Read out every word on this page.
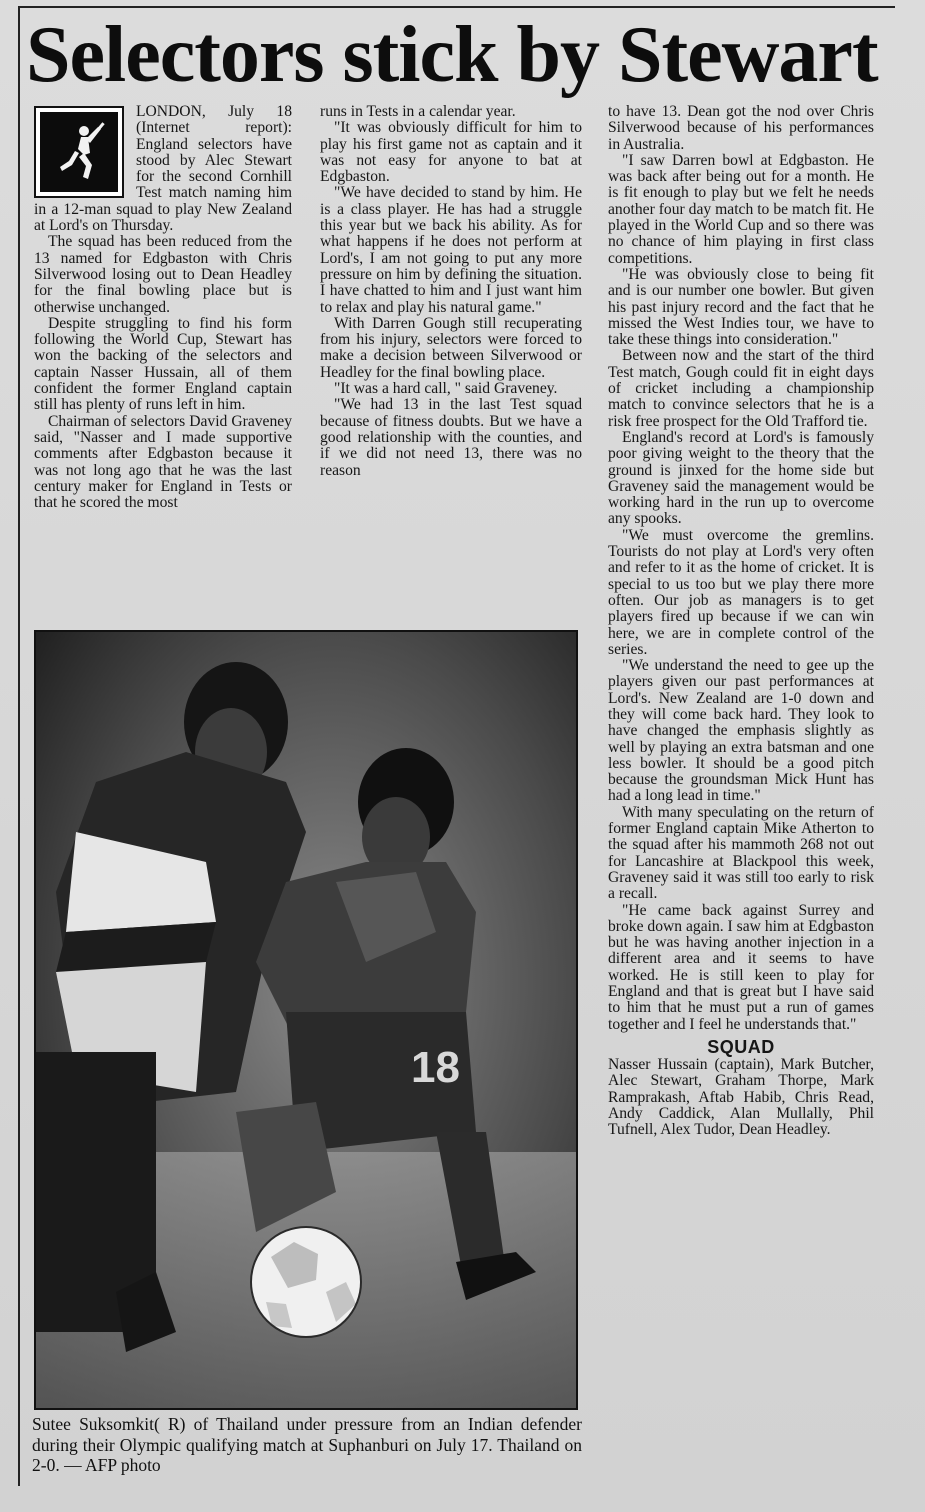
Selectors stick by Stewart

LONDON, July 18 (Internet report): England selectors have stood by Alec Stewart for the second Cornhill Test match naming him in a 12-man squad to play New Zealand at Lord's on Thursday.

The squad has been reduced from the 13 named for Edgbaston with Chris Silverwood losing out to Dean Headley for the final bowling place but is otherwise unchanged.

Despite struggling to find his form following the World Cup, Stewart has won the backing of the selectors and captain Nasser Hussain, all of them confident the former England captain still has plenty of runs left in him.

Chairman of selectors David Graveney said, "Nasser and I made supportive comments after Edgbaston because it was not long ago that he was the last century maker for England in Tests or that he scored the most

runs in Tests in a calendar year.

"It was obviously difficult for him to play his first game not as captain and it was not easy for anyone to bat at Edgbaston.

"We have decided to stand by him. He is a class player. He has had a struggle this year but we back his ability. As for what happens if he does not perform at Lord's, I am not going to put any more pressure on him by defining the situation. I have chatted to him and I just want him to relax and play his natural game."

With Darren Gough still recuperating from his injury, selectors were forced to make a decision between Silverwood or Headley for the final bowling place.

"It was a hard call, " said Graveney.

"We had 13 in the last Test squad because of fitness doubts. But we have a good relationship with the counties, and if we did not need 13, there was no reason

to have 13. Dean got the nod over Chris Silverwood because of his performances in Australia.

"I saw Darren bowl at Edgbaston. He was back after being out for a month. He is fit enough to play but we felt he needs another four day match to be match fit. He played in the World Cup and so there was no chance of him playing in first class competitions.

"He was obviously close to being fit and is our number one bowler. But given his past injury record and the fact that he missed the West Indies tour, we have to take these things into consideration."

Between now and the start of the third Test match, Gough could fit in eight days of cricket including a championship match to convince selectors that he is a risk free prospect for the Old Trafford tie.

England's record at Lord's is famously poor giving weight to the theory that the ground is jinxed for the home side but Graveney said the management would be working hard in the run up to overcome any spooks.

"We must overcome the gremlins. Tourists do not play at Lord's very often and refer to it as the home of cricket. It is special to us too but we play there more often. Our job as managers is to get players fired up because if we can win here, we are in complete control of the series.

"We understand the need to gee up the players given our past performances at Lord's. New Zealand are 1-0 down and they will come back hard. They look to have changed the emphasis slightly as well by playing an extra batsman and one less bowler. It should be a good pitch because the groundsman Mick Hunt has had a long lead in time."

With many speculating on the return of former England captain Mike Atherton to the squad after his mammoth 268 not out for Lancashire at Blackpool this week, Graveney said it was still too early to risk a recall.

"He came back against Surrey and broke down again. I saw him at Edgbaston but he was having another injection in a different area and it seems to have worked. He is still keen to play for England and that is great but I have said to him that he must put a run of games together and I feel he understands that."

SQUAD

Nasser Hussain (captain), Mark Butcher, Alec Stewart, Graham Thorpe, Mark Ramprakash, Aftab Habib, Chris Read, Andy Caddick, Alan Mullally, Phil Tufnell, Alex Tudor, Dean Headley.

18
Sutee Suksomkit( R) of Thailand under pressure from an Indian defender during their Olympic qualifying match at Suphanburi on July 17. Thailand on 2-0. — AFP photo
